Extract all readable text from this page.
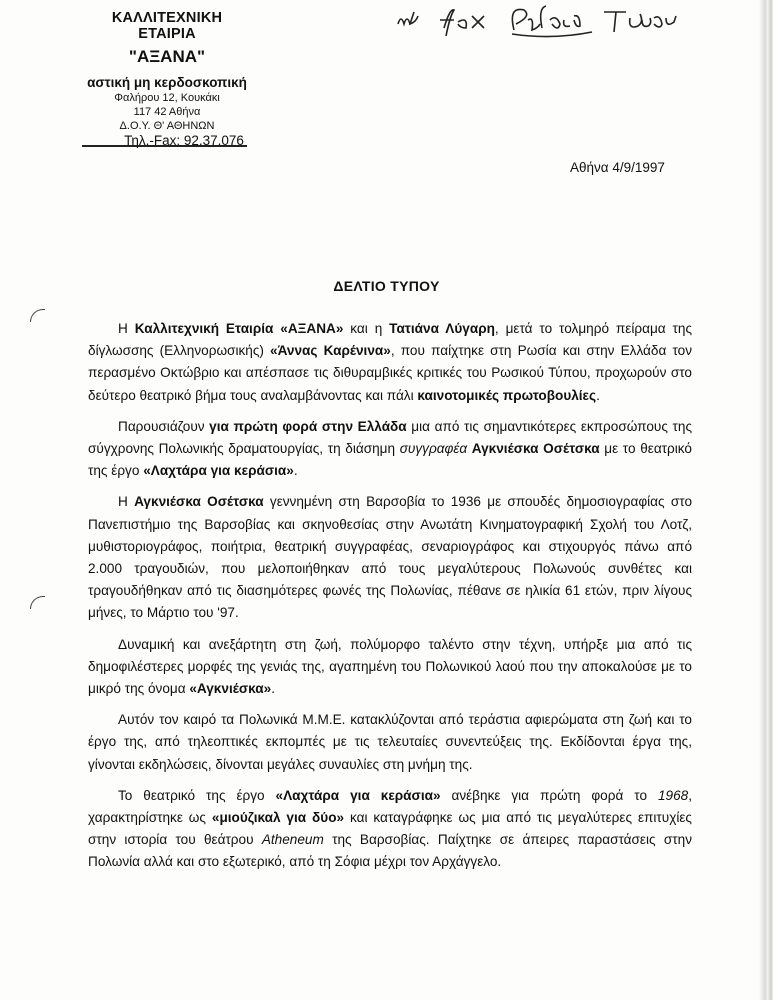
ΚΑΛΛΙΤΕΧΝΙΚΗ ΕΤΑΙΡΙΑ
"ΑΞΑΝΑ"
αστική μη κερδοσκοπική
Φαλήρου 12, Κουκάκι
117 42 Αθήνα
Δ.Ο.Υ. Θ' ΑΘΗΝΩΝ
Τηλ.-Fax: 92.37.076
Αθήνα 4/9/1997
ΔΕΛΤΙΟ ΤΥΠΟΥ

Η Καλλιτεχνική Εταιρία «ΑΞΑΝΑ» και η Τατιάνα Λύγαρη, μετά το τολμηρό πείραμα της δίγλωσσης (Ελληνορωσικής) «Άννας Καρένινα», που παίχτηκε στη Ρωσία και στην Ελλάδα τον περασμένο Οκτώβριο και απέσπασε τις διθυραμβικές κριτικές του Ρωσικού Τύπου, προχωρούν στο δεύτερο θεατρικό βήμα τους αναλαμβάνοντας και πάλι καινοτομικές πρωτοβουλίες.

Παρουσιάζουν για πρώτη φορά στην Ελλάδα μια από τις σημαντικότερες εκπροσώπους της σύγχρονης Πολωνικής δραματουργίας, τη διάσημη συγγραφέα Αγκνιέσκα Οσέτσκα με το θεατρικό της έργο «Λαχτάρα για κεράσια».

Η Αγκνιέσκα Οσέτσκα γεννημένη στη Βαρσοβία το 1936 με σπουδές δημοσιογραφίας στο Πανεπιστήμιο της Βαρσοβίας και σκηνοθεσίας στην Ανωτάτη Κινηματογραφική Σχολή του Λοτζ, μυθιστοριογράφος, ποιήτρια, θεατρική συγγραφέας, σεναριογράφος και στιχουργός πάνω από 2.000 τραγουδιών, που μελοποιήθηκαν από τους μεγαλύτερους Πολωνούς συνθέτες και τραγουδήθηκαν από τις διασημότερες φωνές της Πολωνίας, πέθανε σε ηλικία 61 ετών, πριν λίγους μήνες, το Μάρτιο του '97.

Δυναμική και ανεξάρτητη στη ζωή, πολύμορφο ταλέντο στην τέχνη, υπήρξε μια από τις δημοφιλέστερες μορφές της γενιάς της, αγαπημένη του Πολωνικού λαού που την αποκαλούσε με το μικρό της όνομα «Αγκνιέσκα».

Αυτόν τον καιρό τα Πολωνικά Μ.Μ.Ε. κατακλύζονται από τεράστια αφιερώματα στη ζωή και το έργο της, από τηλεοπτικές εκπομπές με τις τελευταίες συνεντεύξεις της. Εκδίδονται έργα της, γίνονται εκδηλώσεις, δίνονται μεγάλες συναυλίες στη μνήμη της.

Το θεατρικό της έργο «Λαχτάρα για κεράσια» ανέβηκε για πρώτη φορά το 1968, χαρακτηρίστηκε ως «μιούζικαλ για δύο» και καταγράφηκε ως μια από τις μεγαλύτερες επιτυχίες στην ιστορία του θεάτρου Atheneum της Βαρσοβίας. Παίχτηκε σε άπειρες παραστάσεις στην Πολωνία αλλά και στο εξωτερικό, από τη Σόφια μέχρι τον Αρχάγγελο.
